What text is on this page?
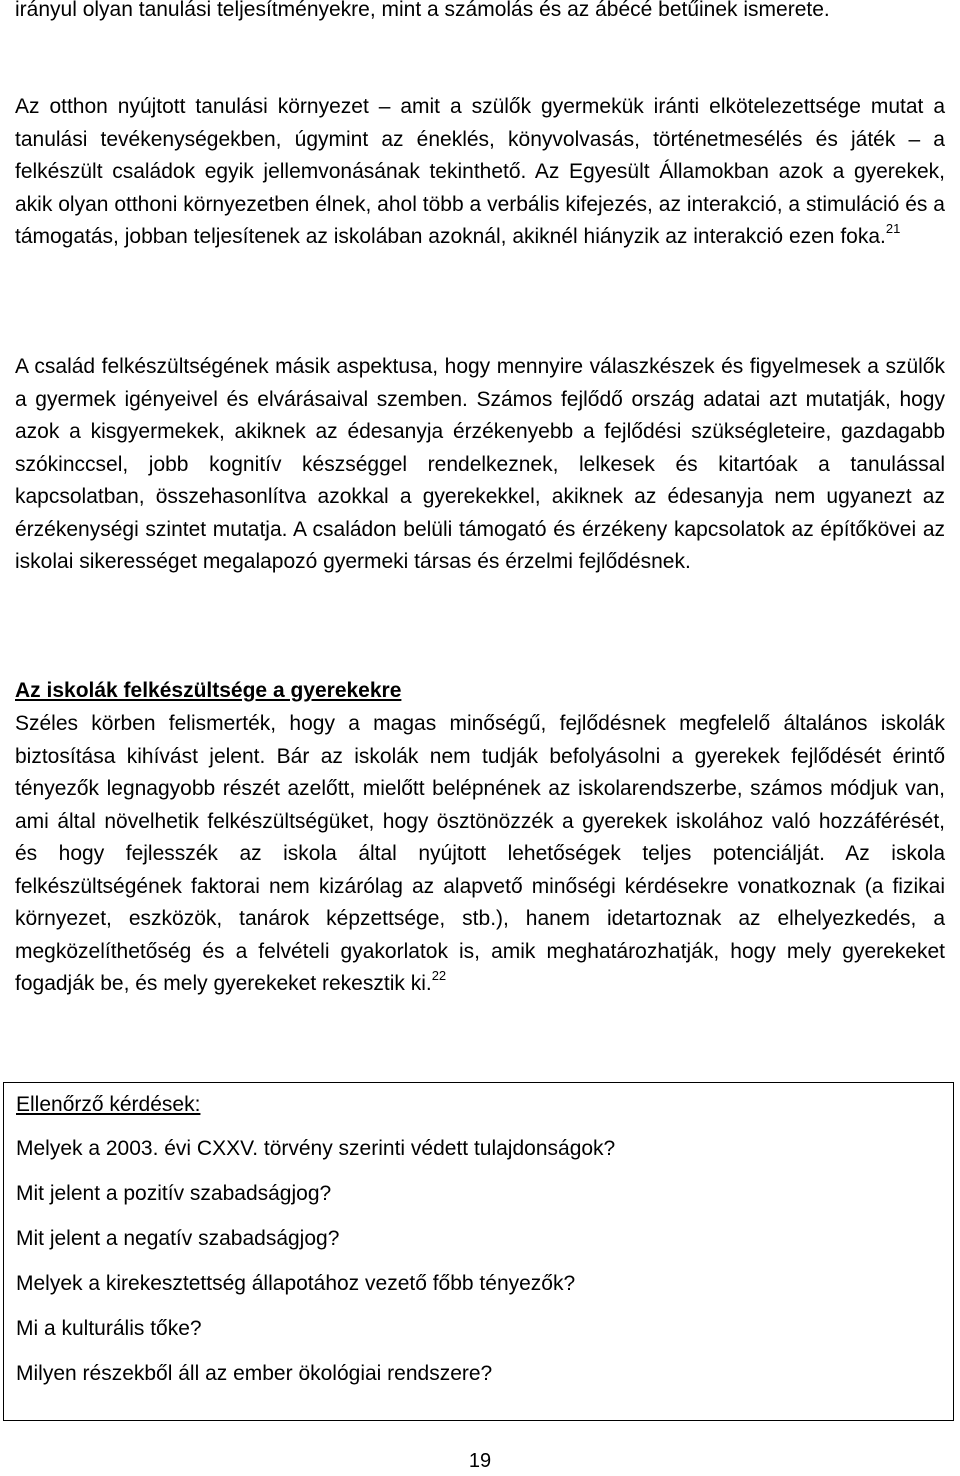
irányul olyan tanulási teljesítményekre, mint a számolás és az ábécé betűinek ismerete.

Az otthon nyújtott tanulási környezet – amit a szülők gyermekük iránti elkötelezettsége mutat a tanulási tevékenységekben, úgymint az éneklés, könyvolvasás, történetmesélés és játék – a felkészült családok egyik jellemvonásának tekinthető. Az Egyesült Államokban azok a gyerekek, akik olyan otthoni környezetben élnek, ahol több a verbális kifejezés, az interakció, a stimuláció és a támogatás, jobban teljesítenek az iskolában azoknál, akiknél hiányzik az interakció ezen foka.$^{21}$

A család felkészültségének másik aspektusa, hogy mennyire válaszkészek és figyelmesek a szülők a gyermek igényeivel és elvárásaival szemben. Számos fejlődő ország adatai azt mutatják, hogy azok a kisgyermekek, akiknek az édesanyja érzékenyebb a fejlődési szükségleteire, gazdagabb szókinccsel, jobb kognitív készséggel rendelkeznek, lelkesek és kitartóak a tanulással kapcsolatban, összehasonlítva azokkal a gyerekekkel, akiknek az édesanyja nem ugyanezt az érzékenységi szintet mutatja. A családon belüli támogató és érzékeny kapcsolatok az építőkövei az iskolai sikerességet megalapozó gyermeki társas és érzelmi fejlődésnek.

Az iskolák felkészültsége a gyerekekre

Széles körben felismerték, hogy a magas minőségű, fejlődésnek megfelelő általános iskolák biztosítása kihívást jelent. Bár az iskolák nem tudják befolyásolni a gyerekek fejlődését érintő tényezők legnagyobb részét azelőtt, mielőtt belépnének az iskolarendszerbe, számos módjuk van, ami által növelhetik felkészültségüket, hogy ösztönözzék a gyerekek iskolához való hozzáférését, és hogy fejlesszék az iskola által nyújtott lehetőségek teljes potenciálját. Az iskola felkészültségének faktorai nem kizárólag az alapvető minőségi kérdésekre vonatkoznak (a fizikai környezet, eszközök, tanárok képzettsége, stb.), hanem idetartoznak az elhelyezkedés, a megközelíthetőség és a felvételi gyakorlatok is, amik meghatározhatják, hogy mely gyerekeket fogadják be, és mely gyerekeket rekesztik ki.$^{22}$

Ellenőrző kérdések:
Melyek a 2003. évi CXXV. törvény szerinti védett tulajdonságok?
Mit jelent a pozitív szabadságjog?
Mit jelent a negatív szabadságjog?
Melyek a kirekesztettség állapotához vezető főbb tényezők?
Mi a kulturális tőke?
Milyen részekből áll az ember ökológiai rendszere?
19
